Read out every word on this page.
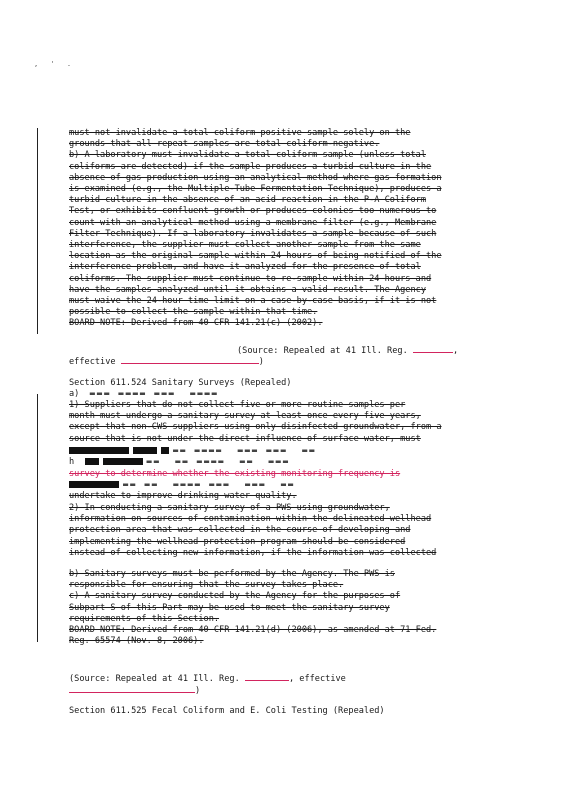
, ' .
must not invalidate a total coliform positive sample solely on the
grounds that all repeat samples are total coliform-negative.
b) A laboratory must invalidate a total coliform sample (unless total
coliforms are detected) if the sample produces a turbid culture in the
absence of gas production using an analytical method where gas formation
is examined (e.g., the Multiple-Tube Fermentation Technique), produces a
turbid culture in the absence of an acid reaction in the P-A Coliform
Test, or exhibits confluent growth or produces colonies too numerous to
count with an analytical method using a membrane filter (e.g., Membrane
Filter Technique). If a laboratory invalidates a sample because of such
interference, the supplier must collect another sample from the same
location as the original sample within 24 hours of being notified of the
interference problem, and have it analyzed for the presence of total
coliforms. The supplier must continue to re-sample within 24 hours and
have the samples analyzed until it obtains a valid result. The Agency
must waive the 24-hour time limit on a case-by-case basis, if it is not
possible to collect the sample within that time.
BOARD NOTE: Derived from 40 CFR 141.21(c) (2002).
(Source: Repealed at 41 Ill. Reg.	,
effective	)
Section 611.524 Sanitary Surveys (Repealed)
a) ▬▬▬ ▬▬▬▬ ▬▬▬  ▬▬▬▬
1) Suppliers that do not collect five or more routine samples per
month must undergo a sanitary survey at least once every five years,
except that non-CWS suppliers using only disinfected groundwater, from a
source that is not under the direct influence of surface water, must
▬▬ ▬▬▬▬  ▬▬▬ ▬▬▬  ▬▬
h	▬▬  ▬▬ ▬▬▬▬  ▬▬  ▬▬▬
survey to determine whether the existing monitoring frequency is
▬▬ ▬▬  ▬▬▬▬ ▬▬▬  ▬▬▬  ▬▬
undertake to improve drinking water quality.
2) In conducting a sanitary survey of a PWS using groundwater,
information on sources of contamination within the delineated wellhead
protection area that was collected in the course of developing and
implementing the wellhead protection program should be considered
instead of collecting new information, if the information was collected
b) Sanitary surveys must be performed by the Agency. The PWS is
responsible for ensuring that the survey takes place.
c) A sanitary survey conducted by the Agency for the purposes of
Subpart S of this Part may be used to meet the sanitary survey
requirements of this Section.
BOARD NOTE: Derived from 40 CFR 141.21(d) (2006), as amended at 71 Fed.
Reg. 65574 (Nov. 8, 2006).
(Source: Repealed at 41 Ill. Reg.	, effective
)
Section 611.525 Fecal Coliform and E. Coli Testing (Repealed)
